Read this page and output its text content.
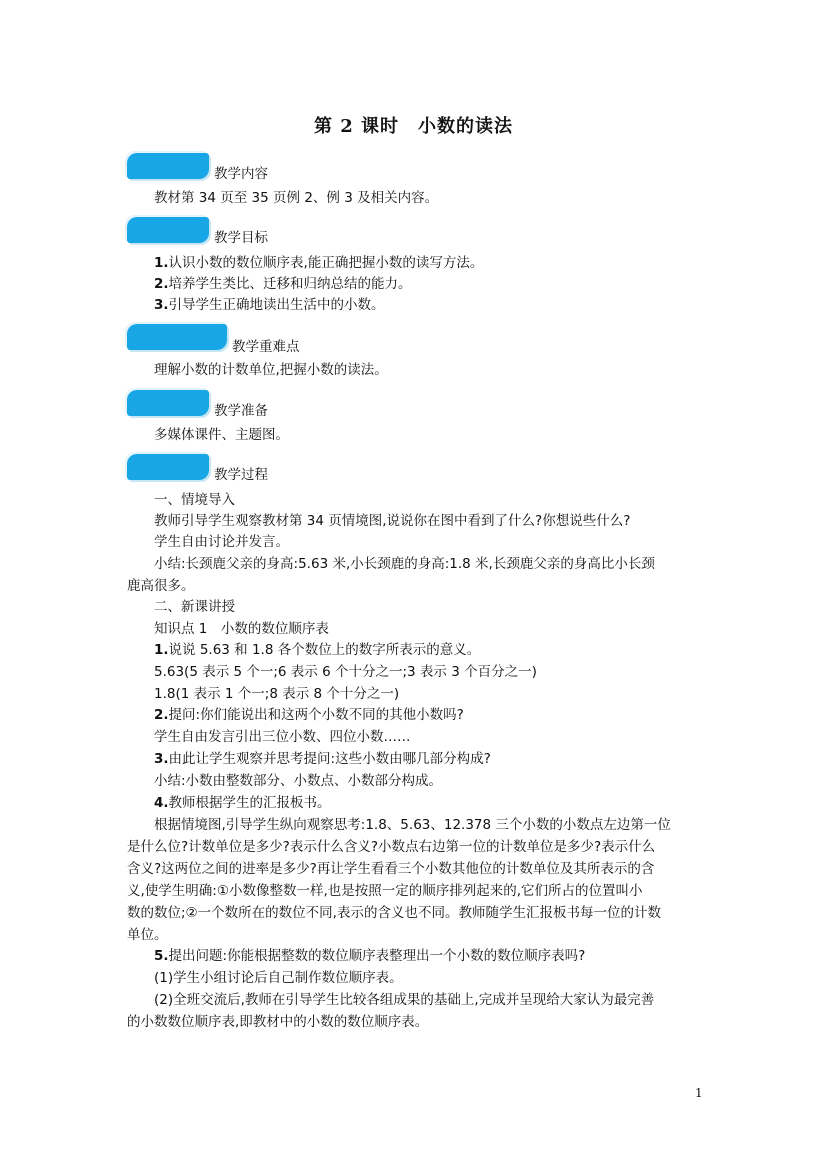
第 2 课时　小数的读法
教学内容
教材第 34 页至 35 页例 2、例 3 及相关内容。
教学目标
1.认识小数的数位顺序表,能正确把握小数的读写方法。
2.培养学生类比、迁移和归纳总结的能力。
3.引导学生正确地读出生活中的小数。
教学重难点
理解小数的计数单位,把握小数的读法。
教学准备
多媒体课件、主题图。
教学过程
一、情境导入
教师引导学生观察教材第 34 页情境图,说说你在图中看到了什么?你想说些什么?
学生自由讨论并发言。
小结:长颈鹿父亲的身高:5.63 米,小长颈鹿的身高:1.8 米,长颈鹿父亲的身高比小长颈
鹿高很多。
二、新课讲授
知识点 1　小数的数位顺序表
1.说说 5.63 和 1.8 各个数位上的数字所表示的意义。
5.63(5 表示 5 个一;6 表示 6 个十分之一;3 表示 3 个百分之一)
1.8(1 表示 1 个一;8 表示 8 个十分之一)
2.提问:你们能说出和这两个小数不同的其他小数吗?
学生自由发言引出三位小数、四位小数……
3.由此让学生观察并思考提问:这些小数由哪几部分构成?
小结:小数由整数部分、小数点、小数部分构成。
4.教师根据学生的汇报板书。
根据情境图,引导学生纵向观察思考:1.8、5.63、12.378 三个小数的小数点左边第一位
是什么位?计数单位是多少?表示什么含义?小数点右边第一位的计数单位是多少?表示什么
含义?这两位之间的进率是多少?再让学生看看三个小数其他位的计数单位及其所表示的含
义,使学生明确:①小数像整数一样,也是按照一定的顺序排列起来的,它们所占的位置叫小
数的数位;②一个数所在的数位不同,表示的含义也不同。教师随学生汇报板书每一位的计数
单位。
5.提出问题:你能根据整数的数位顺序表整理出一个小数的数位顺序表吗?
(1)学生小组讨论后自己制作数位顺序表。
(2)全班交流后,教师在引导学生比较各组成果的基础上,完成并呈现给大家认为最完善
的小数数位顺序表,即教材中的小数的数位顺序表。
1
